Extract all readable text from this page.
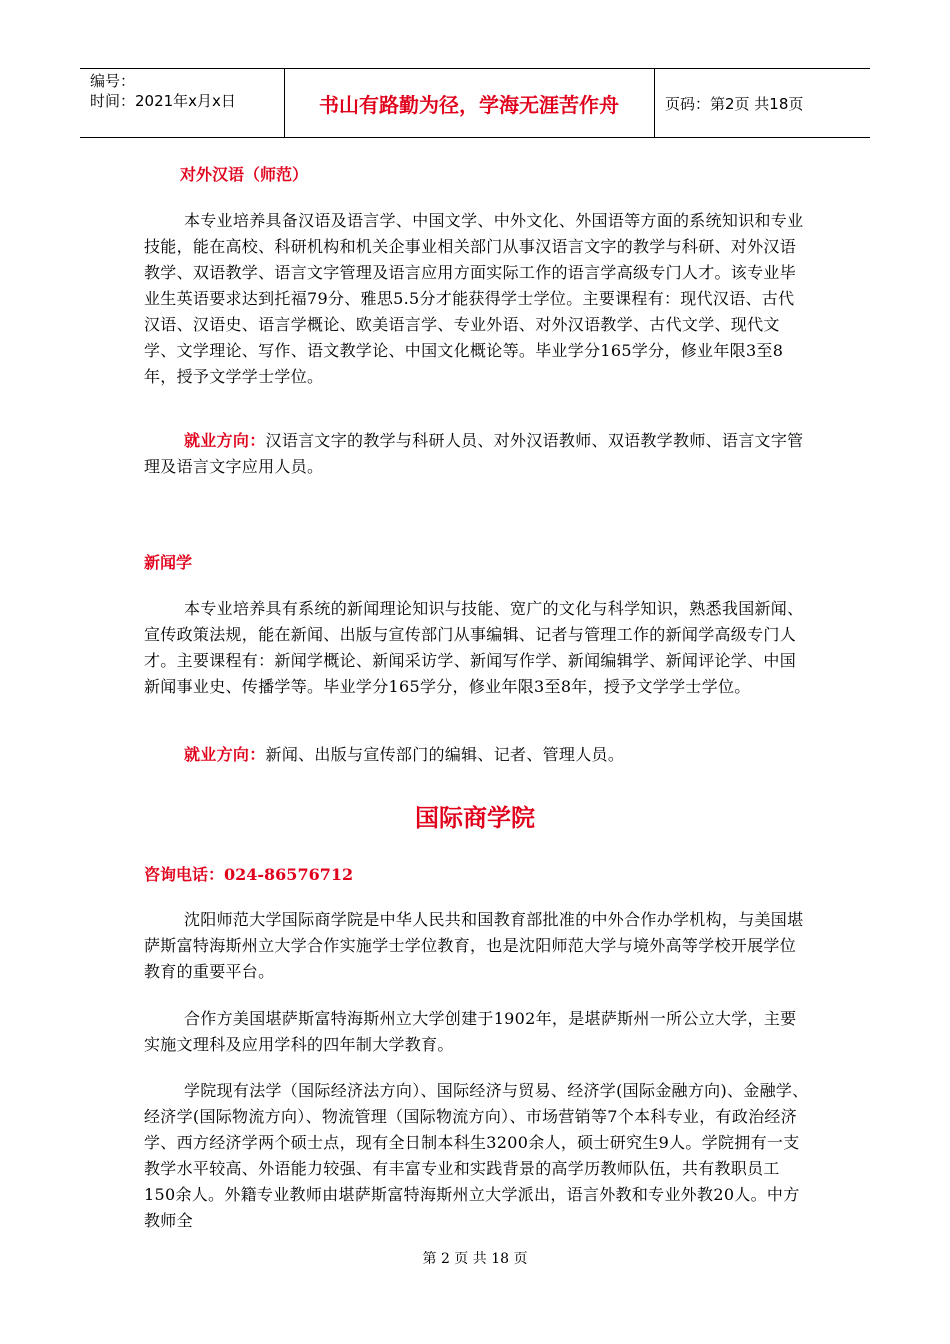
编号：
时间：2021年x月x日	书山有路勤为径，学海无涯苦作舟	页码：第2页 共18页
对外汉语（师范）
本专业培养具备汉语及语言学、中国文学、中外文化、外国语等方面的系统知识和专业技能，能在高校、科研机构和机关企事业相关部门从事汉语言文字的教学与科研、对外汉语教学、双语教学、语言文字管理及语言应用方面实际工作的语言学高级专门人才。该专业毕业生英语要求达到托福79分、雅思5.5分才能获得学士学位。主要课程有：现代汉语、古代汉语、汉语史、语言学概论、欧美语言学、专业外语、对外汉语教学、古代文学、现代文学、文学理论、写作、语文教学论、中国文化概论等。毕业学分165学分，修业年限3至8年，授予文学学士学位。
就业方向：汉语言文字的教学与科研人员、对外汉语教师、双语教学教师、语言文字管理及语言文字应用人员。
新闻学
本专业培养具有系统的新闻理论知识与技能、宽广的文化与科学知识，熟悉我国新闻、宣传政策法规，能在新闻、出版与宣传部门从事编辑、记者与管理工作的新闻学高级专门人才。主要课程有：新闻学概论、新闻采访学、新闻写作学、新闻编辑学、新闻评论学、中国新闻事业史、传播学等。毕业学分165学分，修业年限3至8年，授予文学学士学位。
就业方向：新闻、出版与宣传部门的编辑、记者、管理人员。
国际商学院
咨询电话：024-86576712
沈阳师范大学国际商学院是中华人民共和国教育部批准的中外合作办学机构，与美国堪萨斯富特海斯州立大学合作实施学士学位教育，也是沈阳师范大学与境外高等学校开展学位教育的重要平台。
合作方美国堪萨斯富特海斯州立大学创建于1902年，是堪萨斯州一所公立大学，主要实施文理科及应用学科的四年制大学教育。
学院现有法学（国际经济法方向）、国际经济与贸易、经济学(国际金融方向)、金融学、经济学(国际物流方向）、物流管理（国际物流方向）、市场营销等7个本科专业，有政治经济学、西方经济学两个硕士点，现有全日制本科生3200余人，硕士研究生9人。学院拥有一支教学水平较高、外语能力较强、有丰富专业和实践背景的高学历教师队伍，共有教职员工150余人。外籍专业教师由堪萨斯富特海斯州立大学派出，语言外教和专业外教20人。中方教师全
第 2 页 共 18 页
